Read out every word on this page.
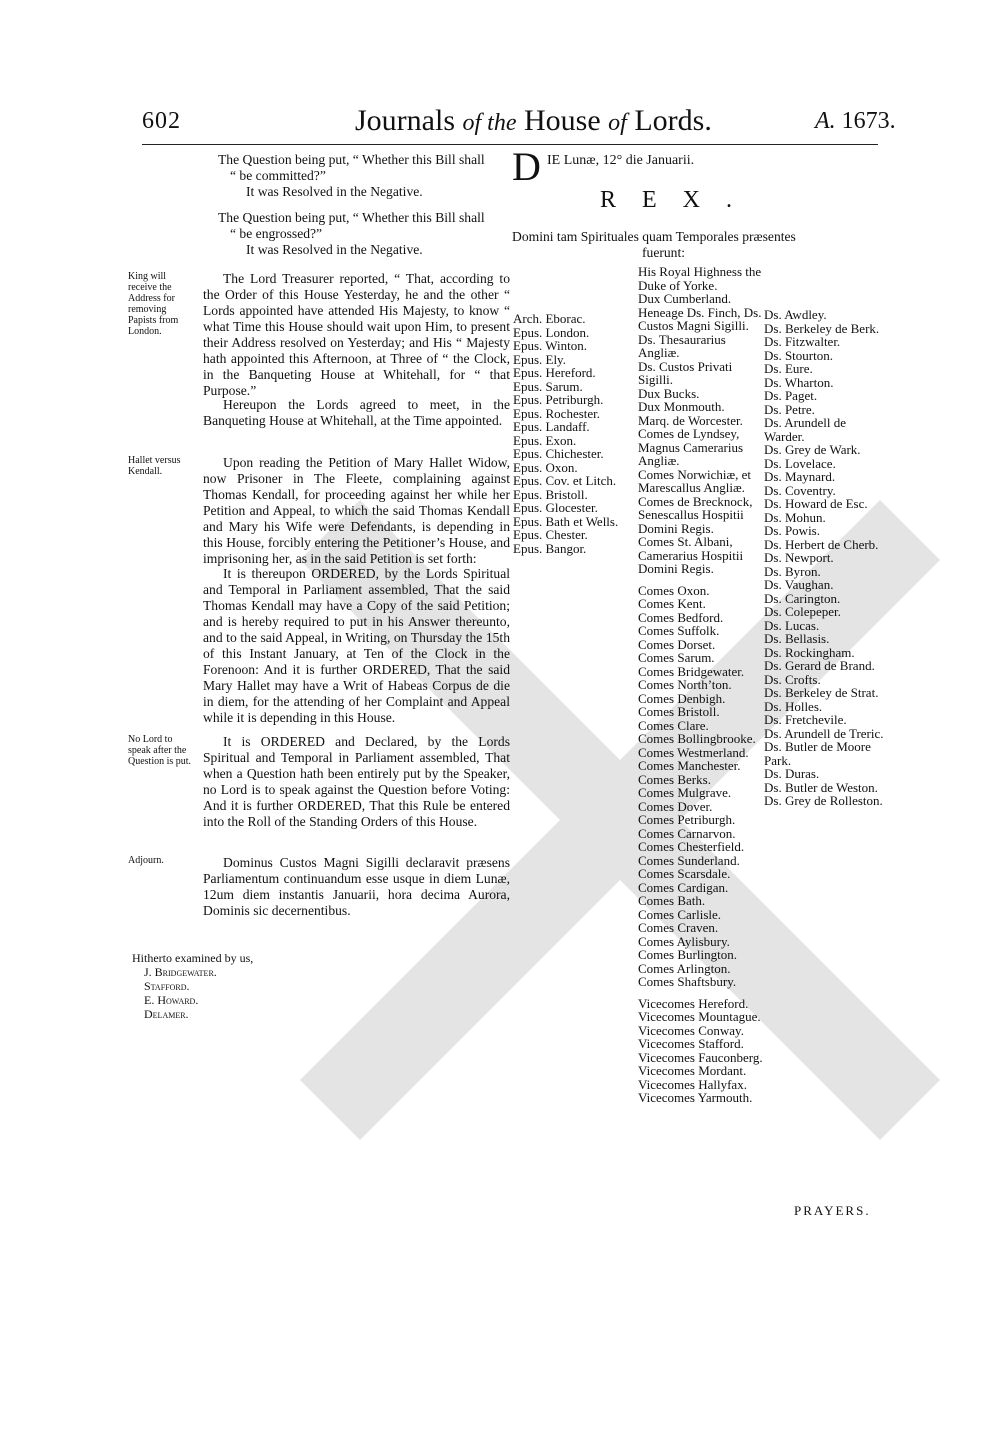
602	Journals of the House of Lords.	A. 1673.

The Question being put, “ Whether this Bill shall

“ be committed?”

It was Resolved in the Negative.

The Question being put, “ Whether this Bill shall

“ be engrossed?”

It was Resolved in the Negative.

King will receive the Address for removing Papists from London.
Hallet versus Kendall.
No Lord to speak after the Question is put.
Adjourn.

The Lord Treasurer reported, “ That, according to the Order of this House Yesterday, he and the other “ Lords appointed have attended His Majesty, to know “ what Time this House should wait upon Him, to present their Address resolved on Yesterday; and His “ Majesty hath appointed this Afternoon, at Three of “ the Clock, in the Banqueting House at Whitehall, for “ that Purpose.”

Hereupon the Lords agreed to meet, in the Banqueting House at Whitehall, at the Time appointed.

Upon reading the Petition of Mary Hallet Widow, now Prisoner in The Fleete, complaining against Thomas Kendall, for proceeding against her while her Petition and Appeal, to which the said Thomas Kendall and Mary his Wife were Defendants, is depending in this House, forcibly entering the Petitioner’s House, and imprisoning her, as in the said Petition is set forth:

It is thereupon ORDERED, by the Lords Spiritual and Temporal in Parliament assembled, That the said Thomas Kendall may have a Copy of the said Petition; and is hereby required to put in his Answer thereunto, and to the said Appeal, in Writing, on Thursday the 15th of this Instant January, at Ten of the Clock in the Forenoon: And it is further ORDERED, That the said Mary Hallet may have a Writ of Habeas Corpus de die in diem, for the attending of her Complaint and Appeal while it is depending in this House.

It is ORDERED and Declared, by the Lords Spiritual and Temporal in Parliament assembled, That when a Question hath been entirely put by the Speaker, no Lord is to speak against the Question before Voting: And it is further ORDERED, That this Rule be entered into the Roll of the Standing Orders of this House.

Dominus Custos Magni Sigilli declaravit præsens Parliamentum continuandum esse usque in diem Lunæ, 12um diem instantis Januarii, hora decima Aurora, Dominis sic decernentibus.

Hitherto examined by us,
J. Bridgewater.
Stafford.
E. Howard.
Delamer.
D IE Lunæ, 12° die Januarii.
REX.
Domini tam Spirituales quam Temporales præsentes
fuerunt:
Arch. Eborac.
Epus. London.
Epus. Winton.
Epus. Ely.
Epus. Hereford.
Epus. Sarum.
Epus. Petriburgh.
Epus. Rochester.
Epus. Landaff.
Epus. Exon.
Epus. Chichester.
Epus. Oxon.
Epus. Cov. et Litch.
Epus. Bristoll.
Epus. Glocester.
Epus. Bath et Wells.
Epus. Chester.
Epus. Bangor.
His Royal Highness the Duke of Yorke.
Dux Cumberland.
Heneage Ds. Finch, Ds. Custos Magni Sigilli.
Ds. Thesaurarius Angliæ.
Ds. Custos Privati Sigilli.
Dux Bucks.
Dux Monmouth.
Marq. de Worcester.
Comes de Lyndsey, Magnus Camerarius Angliæ.
Comes Norwichiæ, et Marescallus Angliæ.
Comes de Brecknock, Senescallus Hospitii Domini Regis.
Comes St. Albani, Camerarius Hospitii Domini Regis.
Comes Oxon.
Comes Kent.
Comes Bedford.
Comes Suffolk.
Comes Dorset.
Comes Sarum.
Comes Bridgewater.
Comes North’ton.
Comes Denbigh.
Comes Bristoll.
Comes Clare.
Comes Bollingbrooke.
Comes Westmerland.
Comes Manchester.
Comes Berks.
Comes Mulgrave.
Comes Dover.
Comes Petriburgh.
Comes Carnarvon.
Comes Chesterfield.
Comes Sunderland.
Comes Scarsdale.
Comes Cardigan.
Comes Bath.
Comes Carlisle.
Comes Craven.
Comes Aylisbury.
Comes Burlington.
Comes Arlington.
Comes Shaftsbury.
Vicecomes Hereford.
Vicecomes Mountague.
Vicecomes Conway.
Vicecomes Stafford.
Vicecomes Fauconberg.
Vicecomes Mordant.
Vicecomes Hallyfax.
Vicecomes Yarmouth.
Ds. Awdley.
Ds. Berkeley de Berk.
Ds. Fitzwalter.
Ds. Stourton.
Ds. Eure.
Ds. Wharton.
Ds. Paget.
Ds. Petre.
Ds. Arundell de Warder.
Ds. Grey de Wark.
Ds. Lovelace.
Ds. Maynard.
Ds. Coventry.
Ds. Howard de Esc.
Ds. Mohun.
Ds. Powis.
Ds. Herbert de Cherb.
Ds. Newport.
Ds. Byron.
Ds. Vaughan.
Ds. Carington.
Ds. Colepeper.
Ds. Lucas.
Ds. Bellasis.
Ds. Rockingham.
Ds. Gerard de Brand.
Ds. Crofts.
Ds. Berkeley de Strat.
Ds. Holles.
Ds. Fretchevile.
Ds. Arundell de Treric.
Ds. Butler de Moore Park.
Ds. Duras.
Ds. Butler de Weston.
Ds. Grey de Rolleston.
PRAYERS.
